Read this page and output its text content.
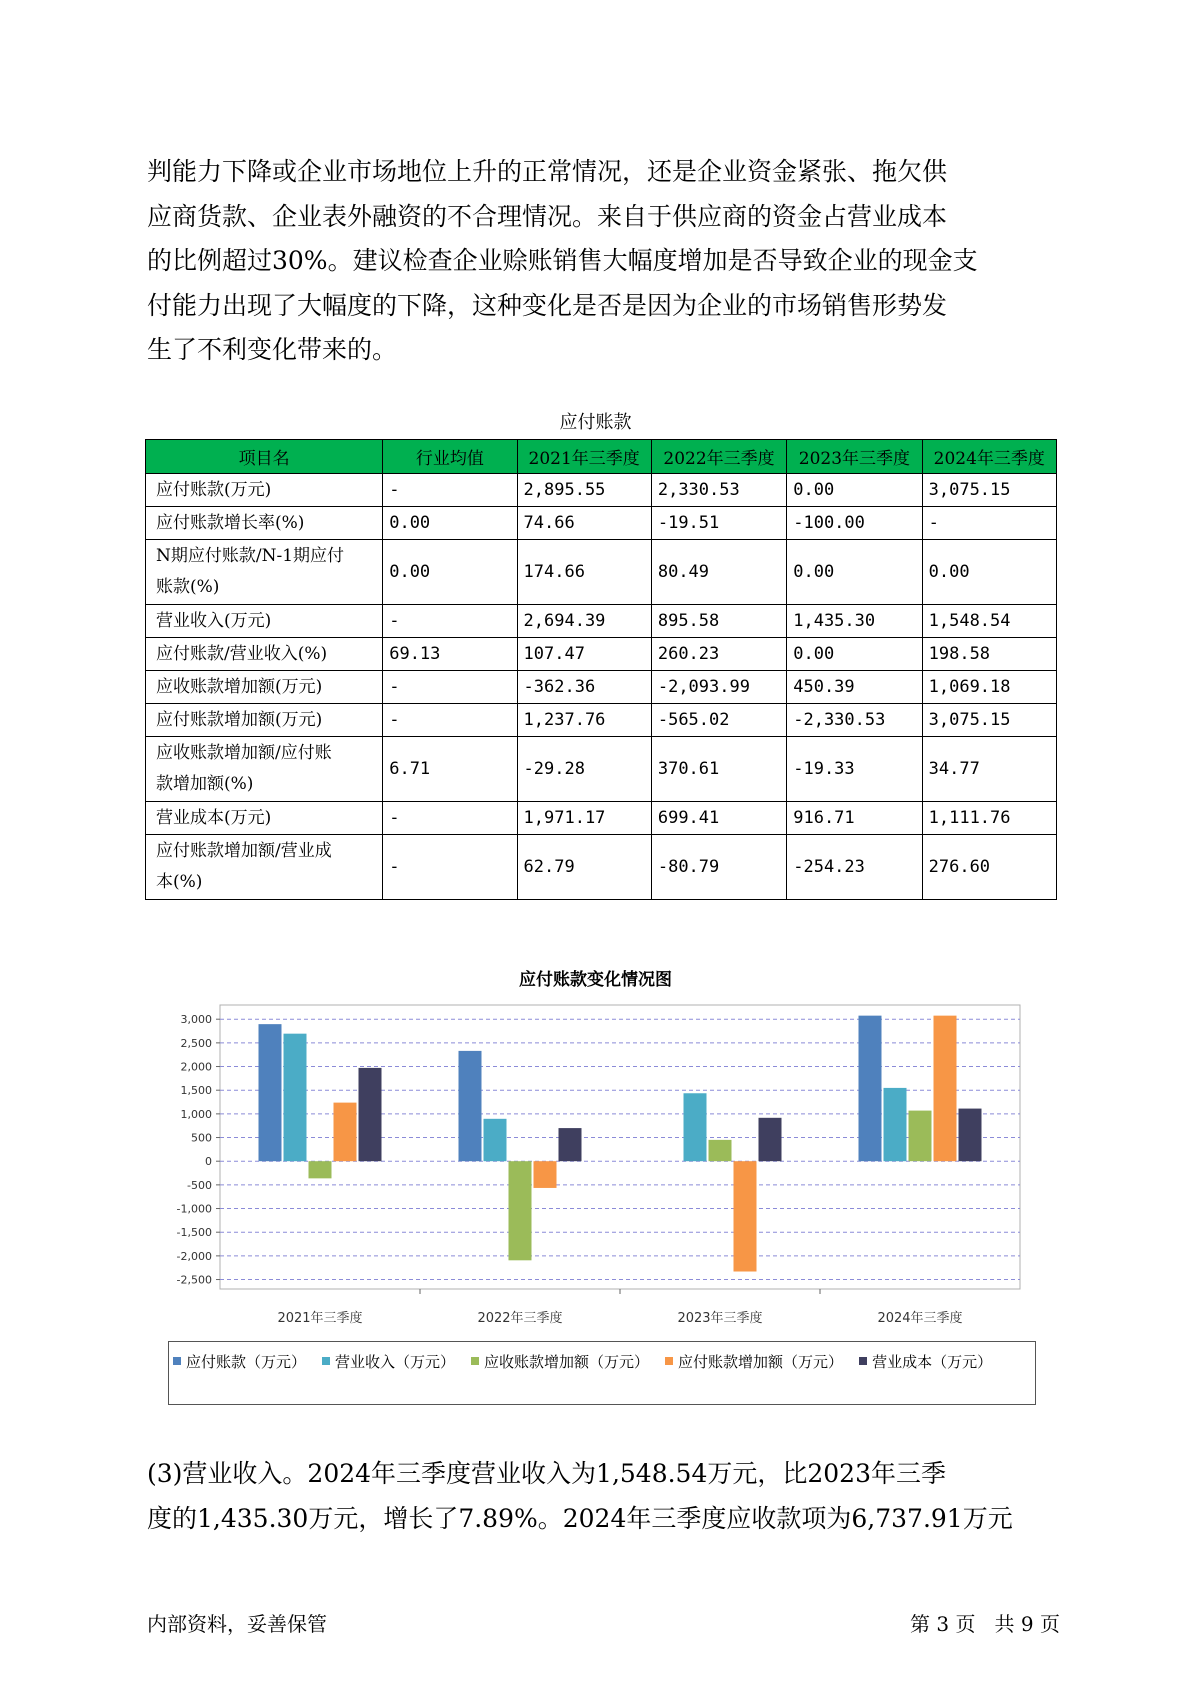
判能力下降或企业市场地位上升的正常情况，还是企业资金紧张、拖欠供
应商货款、企业表外融资的不合理情况。来自于供应商的资金占营业成本
的比例超过30%。建议检查企业赊账销售大幅度增加是否导致企业的现金支
付能力出现了大幅度的下降，这种变化是否是因为企业的市场销售形势发
生了不利变化带来的。
应付账款
项目名	行业均值	2021年三季度	2022年三季度	2023年三季度	2024年三季度
应付账款(万元)	-	2,895.55	2,330.53	0.00	3,075.15
应付账款增长率(%)	0.00	74.66	-19.51	-100.00	-
N期应付账款/N-1期应付
账款(%)	0.00	174.66	80.49	0.00	0.00
营业收入(万元)	-	2,694.39	895.58	1,435.30	1,548.54
应付账款/营业收入(%)	69.13	107.47	260.23	0.00	198.58
应收账款增加额(万元)	-	-362.36	-2,093.99	450.39	1,069.18
应付账款增加额(万元)	-	1,237.76	-565.02	-2,330.53	3,075.15
应收账款增加额/应付账
款增加额(%)	6.71	-29.28	370.61	-19.33	34.77
营业成本(万元)	-	1,971.17	699.41	916.71	1,111.76
应付账款增加额/营业成
本(%)	-	62.79	-80.79	-254.23	276.60
应付账款变化情况图
3,000
2,500
2,000
1,500
1,000
500
0
-500
-1,000
-1,500
-2,000
-2,500
2021年三季度	2022年三季度	2023年三季度	2024年三季度
应付账款（万元） 营业收入（万元） 应收账款增加额（万元） 应付账款增加额（万元） 营业成本（万元）
(3)营业收入。2024年三季度营业收入为1,548.54万元，比2023年三季
度的1,435.30万元，增长了7.89%。2024年三季度应收款项为6,737.91万元
内部资料，妥善保管	第 3 页   共 9 页
